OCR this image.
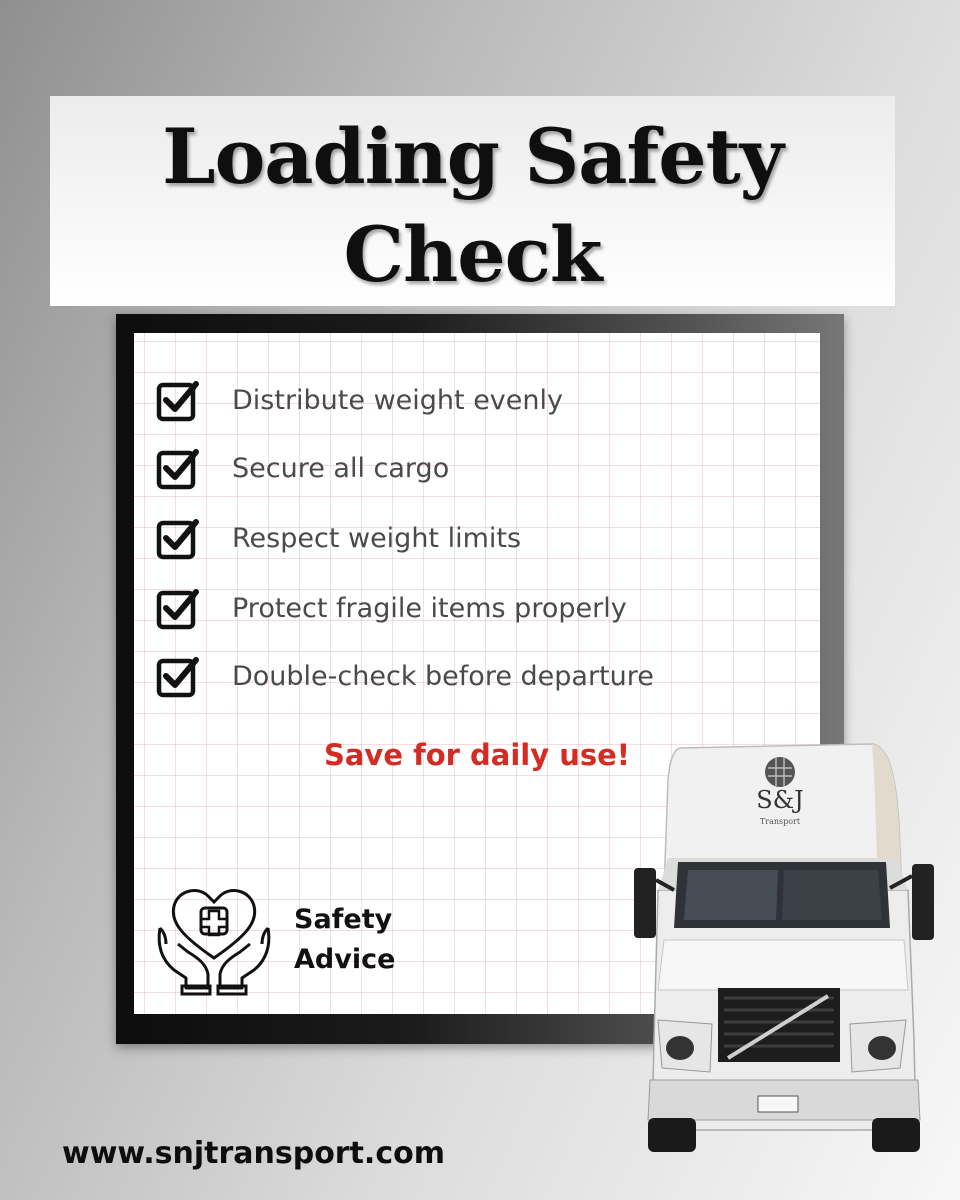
Loading Safety
Check
Distribute weight evenly
Secure all cargo
Respect weight limits
Protect fragile items properly
Double-check before departure
Save for daily use!
Safety
Advice
S&J
Transport
www.snjtransport.com
